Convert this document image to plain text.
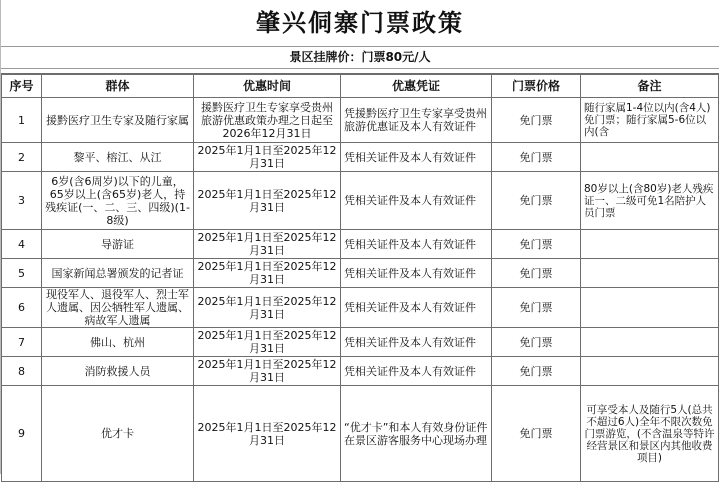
肇兴侗寨门票政策
景区挂牌价：门票80元/人
序号	群体	优惠时间	优惠凭证	门票价格	备注
1	援黔医疗卫生专家及随行家属	援黔医疗卫生专家享受贵州旅游优惠政策办理之日起至2026年12月31日	凭援黔医疗卫生专家享受贵州旅游优惠证及本人有效证件	免门票	随行家属1-4位以内(含4人)免门票；随行家属5-6位以内(含
2	黎平、榕江、从江	2025年1月1日至2025年12月31日	凭相关证件及本人有效证件	免门票	
3	6岁(含6周岁)以下的儿童，65岁以上(含65岁)老人，持残疾证(一、二、三、四级)(1-8级)	2025年1月1日至2025年12月31日	凭相关证件及本人有效证件	免门票	80岁以上(含80岁)老人残疾证一、二级可免1名陪护人员门票
4	导游证	2025年1月1日至2025年12月31日	凭相关证件及本人有效证件	免门票	
5	国家新闻总署颁发的记者证	2025年1月1日至2025年12月31日	凭相关证件及本人有效证件	免门票	
6	现役军人、退役军人、烈士军人遗属、因公牺牲军人遗属、病故军人遗属	2025年1月1日至2025年12月31日	凭相关证件及本人有效证件	免门票	
7	佛山、杭州	2025年1月1日至2025年12月31日	凭相关证件及本人有效证件	免门票	
8	消防救援人员	2025年1月1日至2025年12月31日	凭相关证件及本人有效证件	免门票	
9	优才卡	2025年1月1日至2025年12月31日	“优才卡”和本人有效身份证件在景区游客服务中心现场办理	免门票	可享受本人及随行5人(总共不超过6人)全年不限次数免门票游览，(不含温泉等特许经营景区和景区内其他收费项目)
